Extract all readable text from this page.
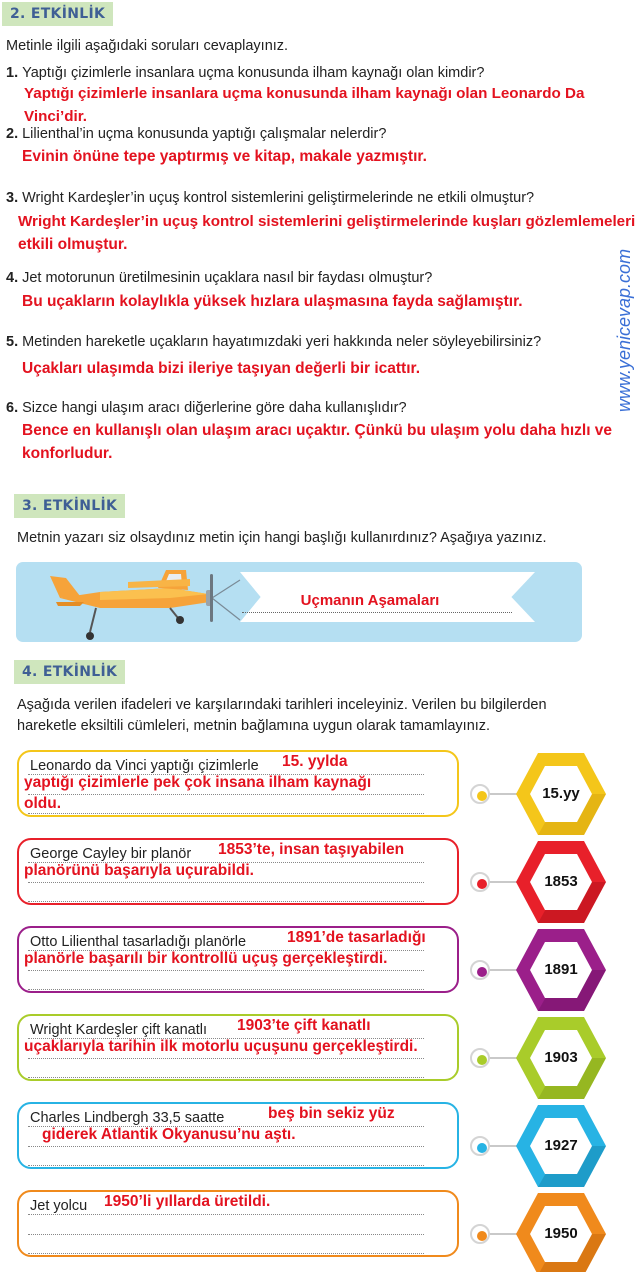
2. ETKİNLİK
Metinle ilgili aşağıdaki soruları cevaplayınız.
1. Yaptığı çizimlerle insanlara uçma konusunda ilham kaynağı olan kimdir?
Yaptığı çizimlerle insanlara uçma konusunda ilham kaynağı olan Leonardo Da Vinci’dir.
2. Lilienthal’in uçma konusunda yaptığı çalışmalar nelerdir?
Evinin önüne tepe yaptırmış ve kitap, makale yazmıştır.
3. Wright Kardeşler’in uçuş kontrol sistemlerini geliştirmelerinde ne etkili olmuştur?
Wright Kardeşler’in uçuş kontrol sistemlerini geliştirmelerinde kuşları gözlemlemeleri
etkili olmuştur.
4. Jet motorunun üretilmesinin uçaklara nasıl bir faydası olmuştur?
Bu uçakların kolaylıkla yüksek hızlara ulaşmasına fayda sağlamıştır.
5. Metinden hareketle uçakların hayatımızdaki yeri hakkında neler söyleyebilirsiniz?
Uçakları ulaşımda bizi ileriye taşıyan değerli bir icattır.
6. Sizce hangi ulaşım aracı diğerlerine göre daha kullanışlıdır?
Bence en kullanışlı olan ulaşım aracı uçaktır. Çünkü bu ulaşım yolu daha hızlı ve
konforludur.
www.yenicevap.com
3. ETKİNLİK
Metnin yazarı siz olsaydınız metin için hangi başlığı kullanırdınız? Aşağıya yazınız.
Uçmanın Aşamaları
4. ETKİNLİK
Aşağıda verilen ifadeleri ve karşılarındaki tarihleri inceleyiniz. Verilen bu bilgilerden
hareketle eksiltili cümleleri, metnin bağlamına uygun olarak tamamlayınız.
Leonardo da Vinci yaptığı çizimlerle 15. yylda
yaptığı çizimlerle pek çok insana ilham kaynağı
oldu.
15.yy
George Cayley bir planör 1853’te, insan taşıyabilen
planörünü başarıyla uçurabildi.
1853
Otto Lilienthal tasarladığı planörle	1891’de tasarladığı
planörle başarılı bir kontrollü uçuş gerçekleştirdi.
1891
Wright Kardeşler çift kanatlı 1903’te çift kanatlı
uçaklarıyla tarihin ilk motorlu uçuşunu gerçekleştirdi.
1903
Charles Lindbergh 33,5 saatte	beş bin sekiz yüz
giderek Atlantik Okyanusu’nu aştı.
1927
Jet yolcu 1950’li yıllarda üretildi.
1950
